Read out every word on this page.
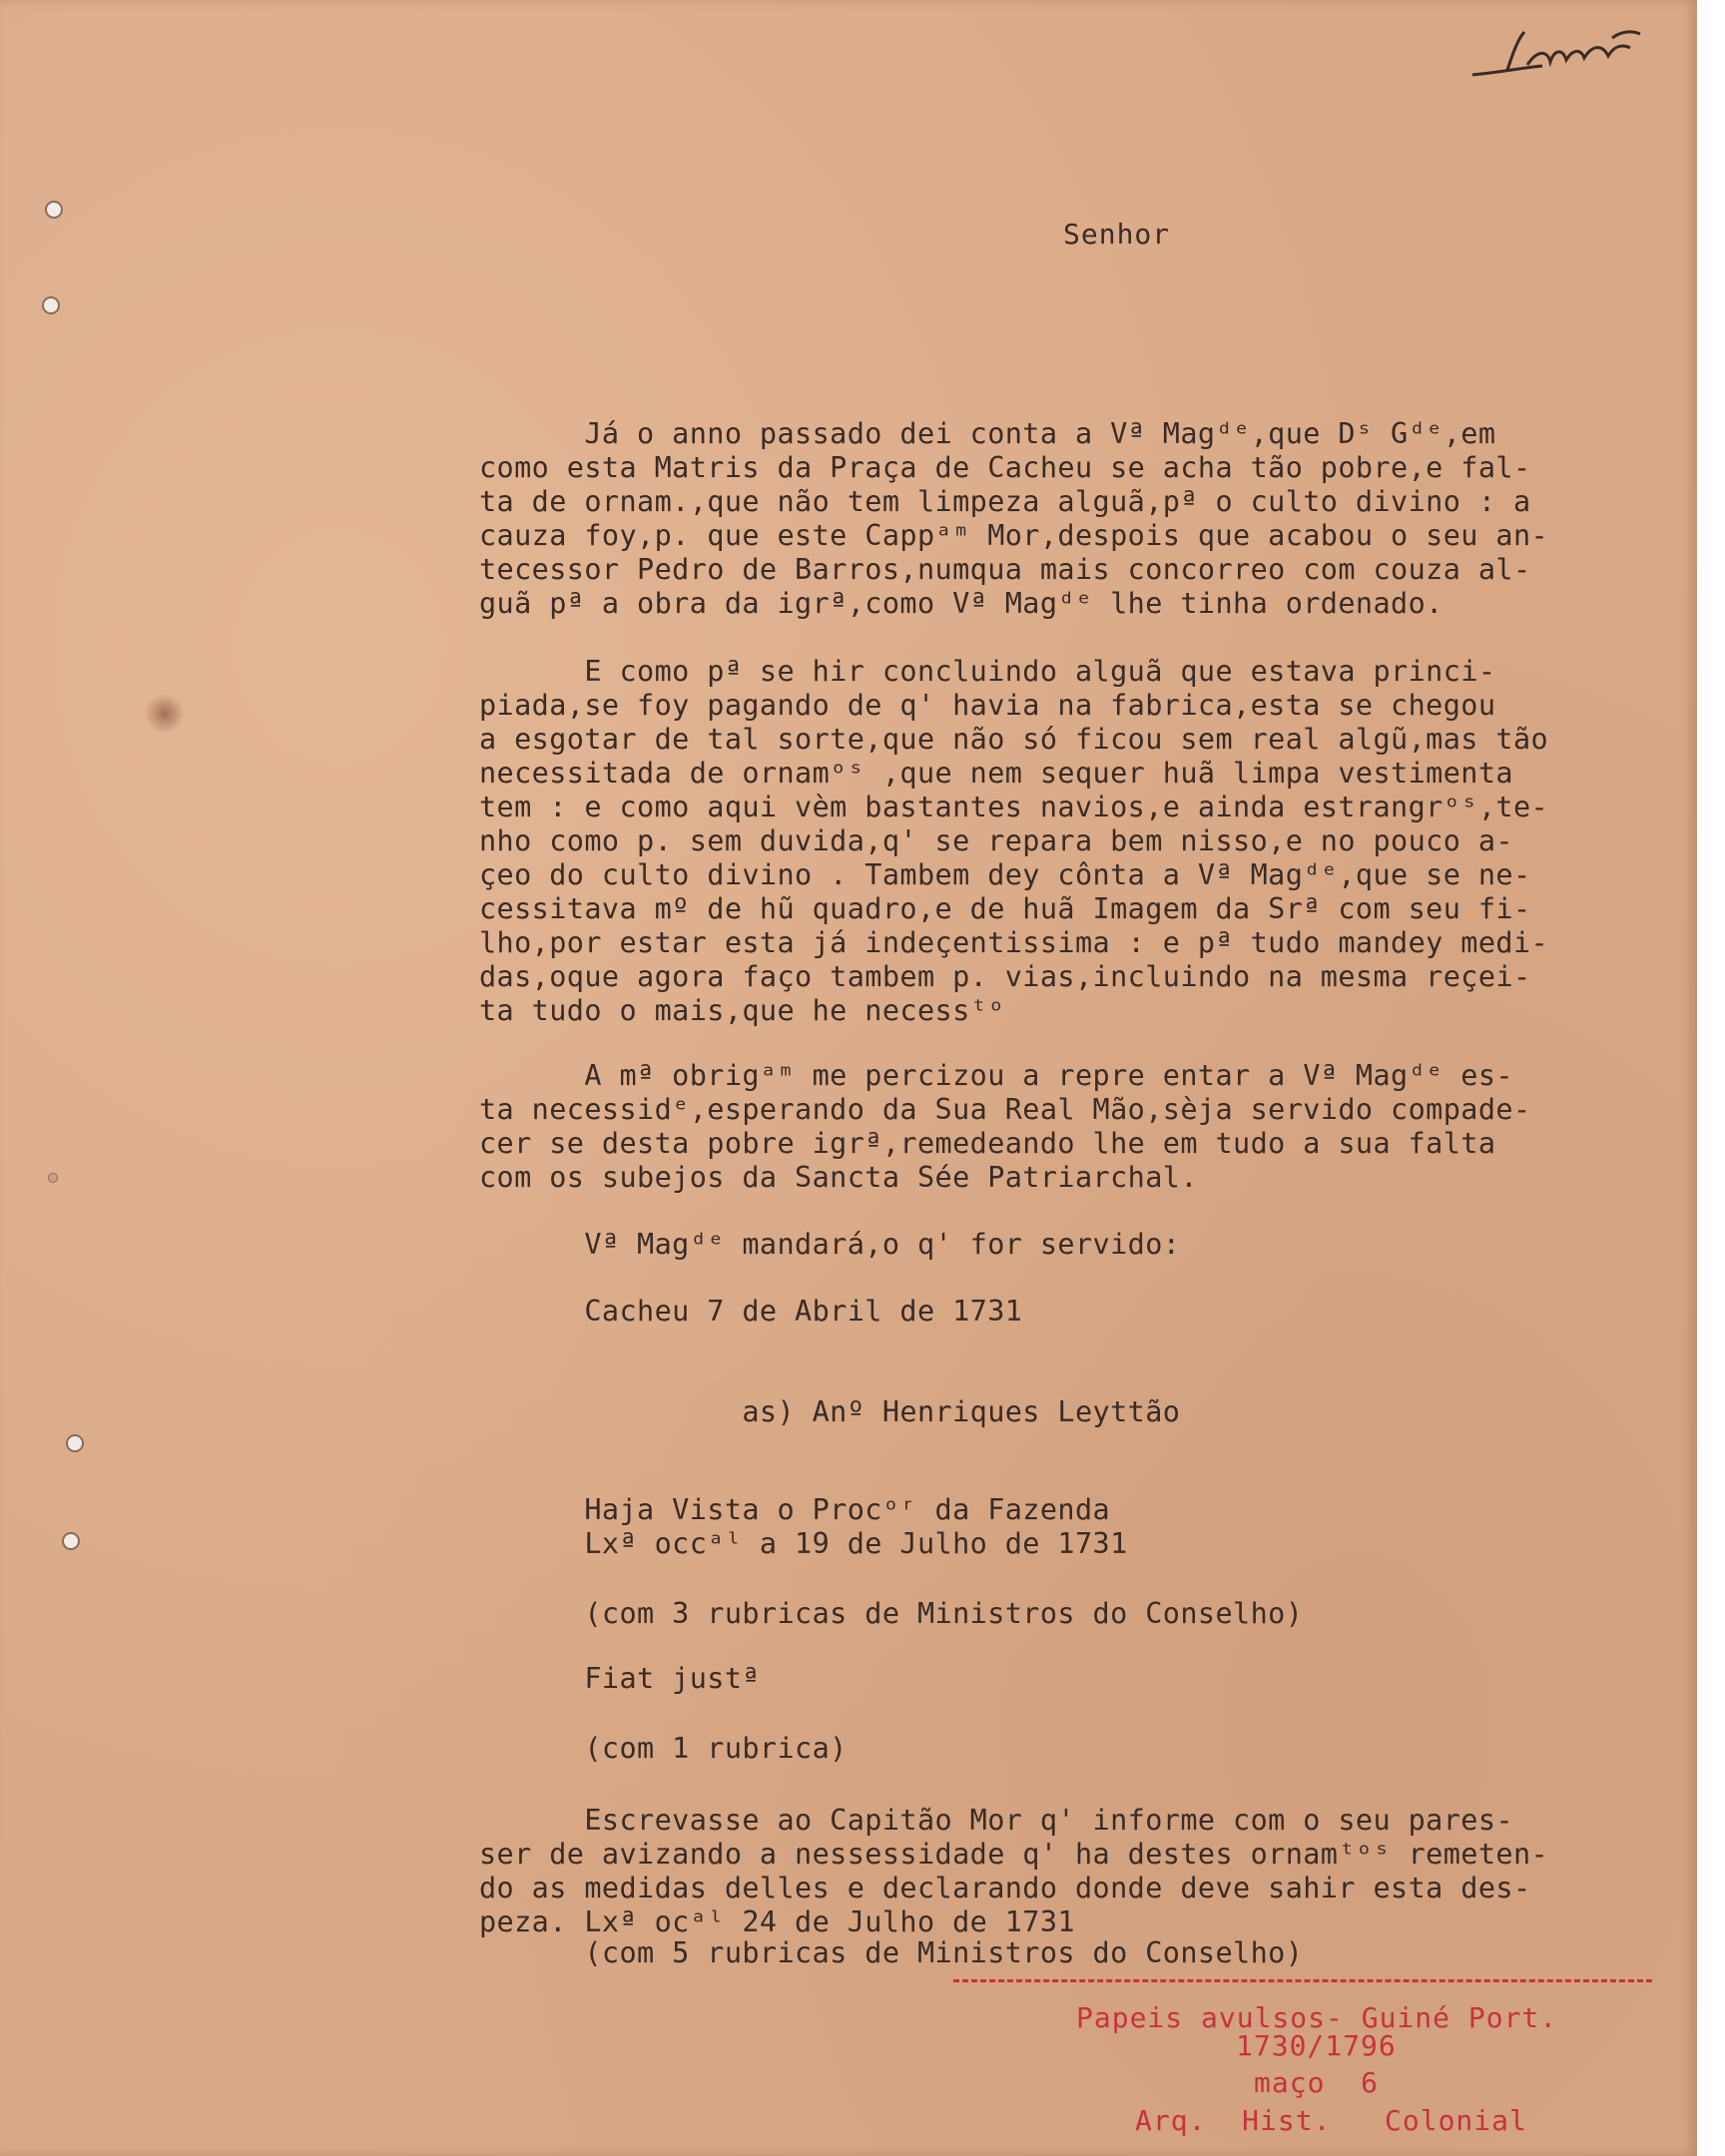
Senhor
Já o anno passado dei conta a Vª Magᵈᵉ,que Dˢ Gᵈᵉ,em
como esta Matris da Praça de Cacheu se acha tão pobre,e fal-
ta de ornam.,que não tem limpeza alguã,pª o culto divino : a
cauza foy,p. que este Cappᵃᵐ Mor,despois que acabou o seu an-
tecessor Pedro de Barros,numqua mais concorreo com couza al-
guã pª a obra da igrª,como Vª Magᵈᵉ lhe tinha ordenado.
E como pª se hir concluindo alguã que estava princi-
piada,se foy pagando de q' havia na fabrica,esta se chegou
a esgotar de tal sorte,que não só ficou sem real algũ,mas tão
necessitada de ornamᵒˢ ,que nem sequer huã limpa vestimenta
tem : e como aqui vèm bastantes navios,e ainda estrangrᵒˢ,te-
nho como p. sem duvida,q' se repara bem nisso,e no pouco a-
çeo do culto divino . Tambem dey cônta a Vª Magᵈᵉ,que se ne-
cessitava mº de hũ quadro,e de huã Imagem da Srª com seu fi-
lho,por estar esta já indeçentissima : e pª tudo mandey medi-
das,oque agora faço tambem p. vias,incluindo na mesma reçei-
ta tudo o mais,que he necessᵗᵒ
A mª obrigᵃᵐ me percizou a repre entar a Vª Magᵈᵉ es-
ta necessidᵉ,esperando da Sua Real Mão,sèja servido compade-
cer se desta pobre igrª,remedeando lhe em tudo a sua falta
com os subejos da Sancta Sée Patriarchal.
Vª Magᵈᵉ mandará,o q' for servido:
Cacheu 7 de Abril de 1731
as) Anº Henriques Leyttão
Haja Vista o Procᵒʳ da Fazenda
Lxª occᵃˡ a 19 de Julho de 1731
(com 3 rubricas de Ministros do Conselho)
Fiat justª
(com 1 rubrica)
Escrevasse ao Capitão Mor q' informe com o seu pares-
ser de avizando a nessessidade q' ha destes ornamᵗᵒˢ remeten-
do as medidas delles e declarando donde deve sahir esta des-
peza. Lxª ocᵃˡ 24 de Julho de 1731
(com 5 rubricas de Ministros do Conselho)
Papeis avulsos- Guiné Port.
1730/1796
maço  6
Arq.  Hist.   Colonial
